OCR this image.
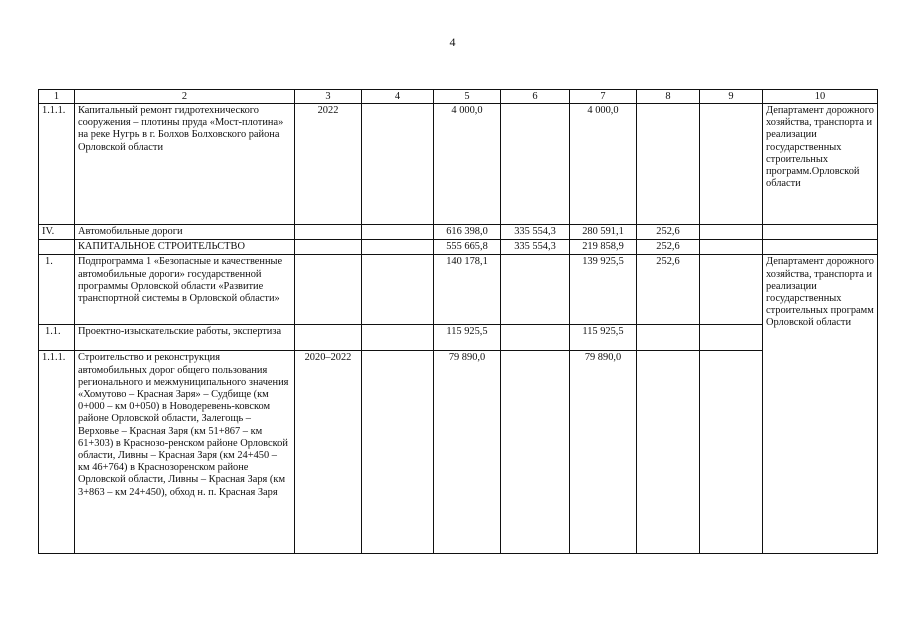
4
1	2	3	4	5	6	7	8	9	10
1.1.1.	Капитальный ремонт гидротехнического сооружения – плотины пруда «Мост-плотина» на реке Нугрь в г. Болхов Болховского района Орловской области	2022		4 000,0		4 000,0			Департамент дорожного хозяйства, транспорта и реализации государственных строительных программ.Орловской области
IV.	Автомобильные дороги			616 398,0	335 554,3	280 591,1	252,6		
	КАПИТАЛЬНОЕ СТРОИТЕЛЬСТВО			555 665,8	335 554,3	219 858,9	252,6		
1.	Подпрограмма 1 «Безопасные и качественные автомобильные дороги» государственной программы Орловской области «Развитие транспортной системы в Орловской области»			140 178,1		139 925,5	252,6		Департамент дорожного хозяйства, транспорта и реализации государственных строительных программ Орловской области
1.1.	Проектно-изыскательские работы, экспертиза			115 925,5		115 925,5			
1.1.1.	Строительство и реконструкция автомобильных дорог общего пользования регионального и межмуниципального значения «Хомутово – Красная Заря» – Судбище (км 0+000 – км 0+050) в Новодеревень-ковском районе Орловской области, Залегощь – Верховье – Красная Заря (км 51+867 – км 61+303) в Краснозо-ренском районе Орловской области, Ливны – Красная Заря (км 24+450 – км 46+764) в Краснозоренском районе Орловской области, Ливны – Красная Заря (км 3+863 – км 24+450), обход н. п. Красная Заря	2020–2022		79 890,0		79 890,0			
